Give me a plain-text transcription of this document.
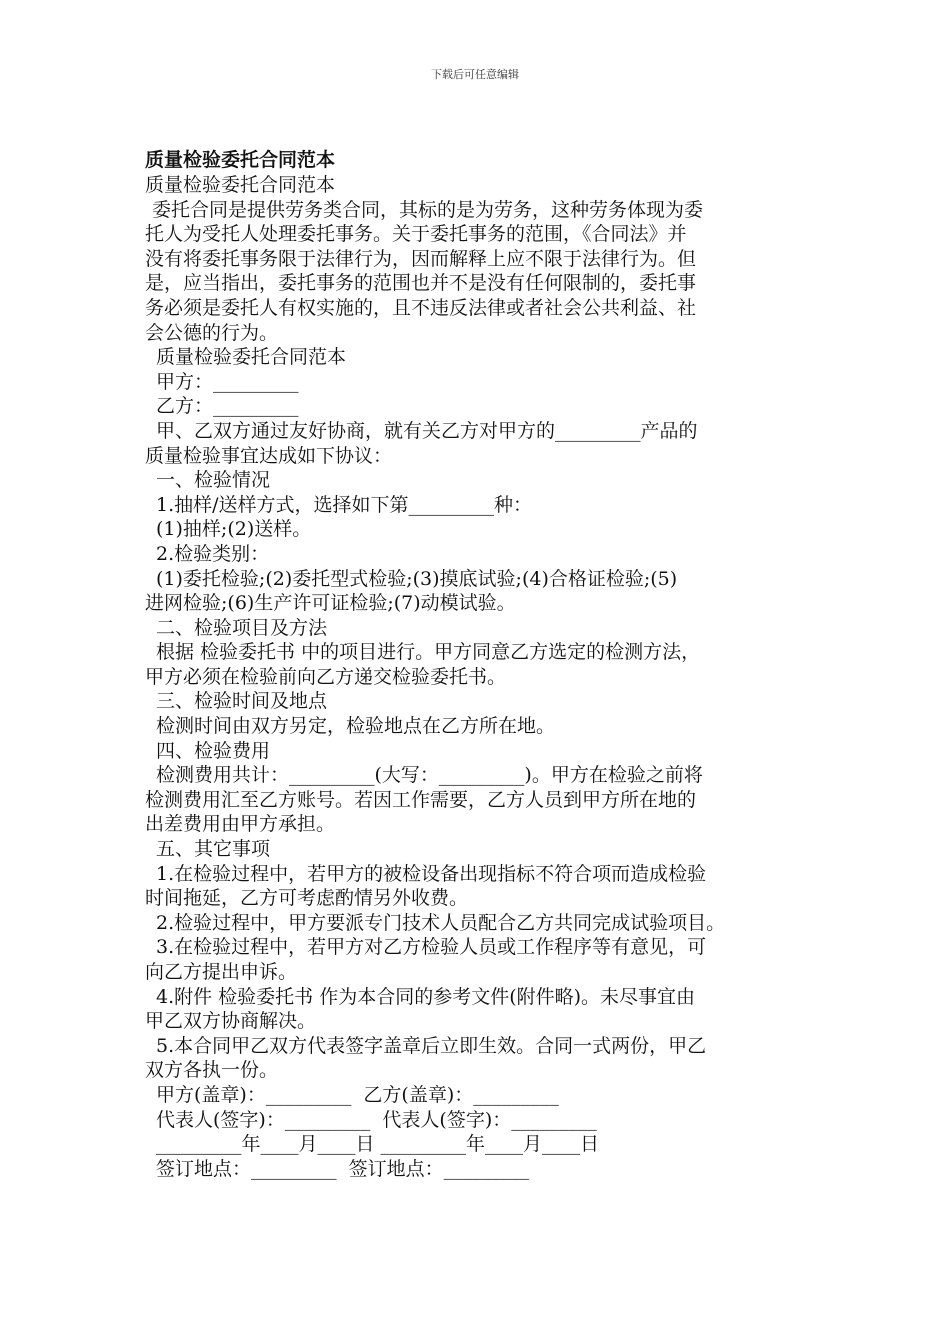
下载后可任意编辑
质量检验委托合同范本
质量检验委托合同范本
委托合同是提供劳务类合同，其标的是为劳务，这种劳务体现为委
托人为受托人处理委托事务。关于委托事务的范围，《合同法》并
没有将委托事务限于法律行为，因而解释上应不限于法律行为。但
是，应当指出，委托事务的范围也并不是没有任何限制的，委托事
务必须是委托人有权实施的，且不违反法律或者社会公共利益、社
会公德的行为。
质量检验委托合同范本
甲方：_________
乙方：_________
甲、乙双方通过友好协商，就有关乙方对甲方的_________产品的
质量检验事宜达成如下协议：
一、检验情况
1.抽样/送样方式，选择如下第_________种：
(1)抽样;(2)送样。
2.检验类别：
(1)委托检验;(2)委托型式检验;(3)摸底试验;(4)合格证检验;(5)
进网检验;(6)生产许可证检验;(7)动模试验。
二、检验项目及方法
根据 检验委托书 中的项目进行。甲方同意乙方选定的检测方法，
甲方必须在检验前向乙方递交检验委托书。
三、检验时间及地点
检测时间由双方另定，检验地点在乙方所在地。
四、检验费用
检测费用共计：_________(大写：_________)。甲方在检验之前将
检测费用汇至乙方账号。若因工作需要，乙方人员到甲方所在地的
出差费用由甲方承担。
五、其它事项
1.在检验过程中，若甲方的被检设备出现指标不符合项而造成检验
时间拖延，乙方可考虑酌情另外收费。
2.检验过程中，甲方要派专门技术人员配合乙方共同完成试验项目。
3.在检验过程中，若甲方对乙方检验人员或工作程序等有意见，可
向乙方提出申诉。
4.附件 检验委托书 作为本合同的参考文件(附件略)。未尽事宜由
甲乙双方协商解决。
5.本合同甲乙双方代表签字盖章后立即生效。合同一式两份，甲乙
双方各执一份。
甲方(盖章)：_________  乙方(盖章)：_________
代表人(签字)：_________  代表人(签字)：_________
_________年____月____日 _________年____月____日
签订地点：_________  签订地点：_________
